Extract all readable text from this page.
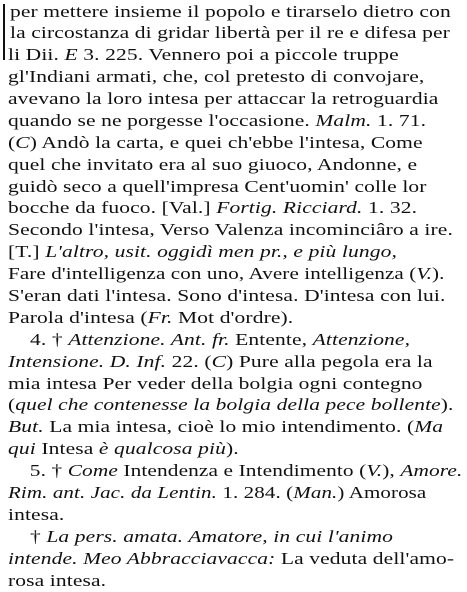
per mettere insieme il popolo e tirarselo dietro con
la circostanza di gridar libertà per il re e difesa per
li Dii. E 3. 225. Vennero poi a piccole truppe
gl'Indiani armati, che, col pretesto di convojare,
avevano la loro intesa per attaccar la retroguardia
quando se ne porgesse l'occasione. Malm. 1. 71.
(C) Andò la carta, e quei ch'ebbe l'intesa, Come
quel che invitato era al suo giuoco, Andonne, e
guidò seco a quell'impresa Cent'uomin' colle lor
bocche da fuoco. [Val.] Fortig. Ricciard. 1. 32.
Secondo l'intesa, Verso Valenza incominciâro a ire.
[T.] L'altro, usit. oggidì men pr., e più lungo,
Fare d'intelligenza con uno, Avere intelligenza (V.).
S'eran dati l'intesa. Sono d'intesa. D'intesa con lui.
Parola d'intesa (Fr. Mot d'ordre).
4. † Attenzione. Ant. fr. Entente, Attenzione,
Intensione. D. Inf. 22. (C) Pure alla pegola era la
mia intesa Per veder della bolgia ogni contegno
(quel che contenesse la bolgia della pece bollente).
But. La mia intesa, cioè lo mio intendimento. (Ma
qui Intesa è qualcosa più).
5. † Come Intendenza e Intendimento (V.), Amore.
Rim. ant. Jac. da Lentin. 1. 284. (Man.) Amorosa
intesa.
† La pers. amata. Amatore, in cui l'animo
intende. Meo Abbracciavacca: La veduta dell'amo-
rosa intesa.
